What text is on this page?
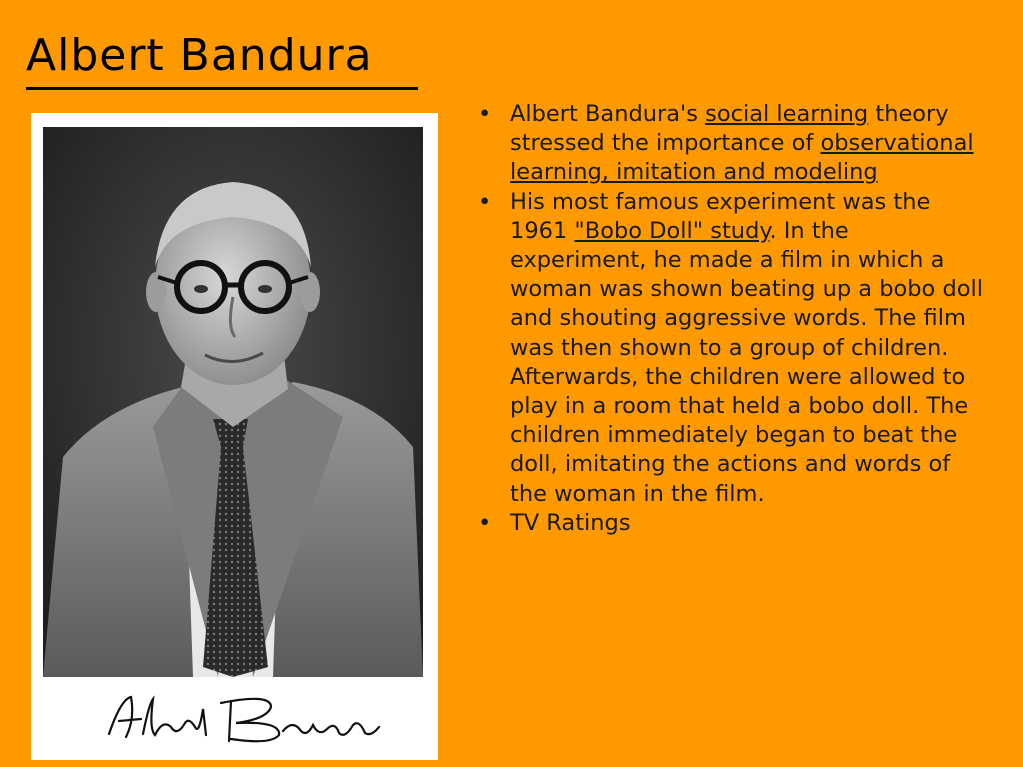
Albert Bandura
• Albert Bandura's social learning theory stressed the importance of observational learning, imitation and modeling
• His most famous experiment was the 1961 "Bobo Doll" study. In the experiment, he made a film in which a woman was shown beating up a bobo doll and shouting aggressive words. The film was then shown to a group of children. Afterwards, the children were allowed to play in a room that held a bobo doll. The children immediately began to beat the doll, imitating the actions and words of the woman in the film.
• TV Ratings
